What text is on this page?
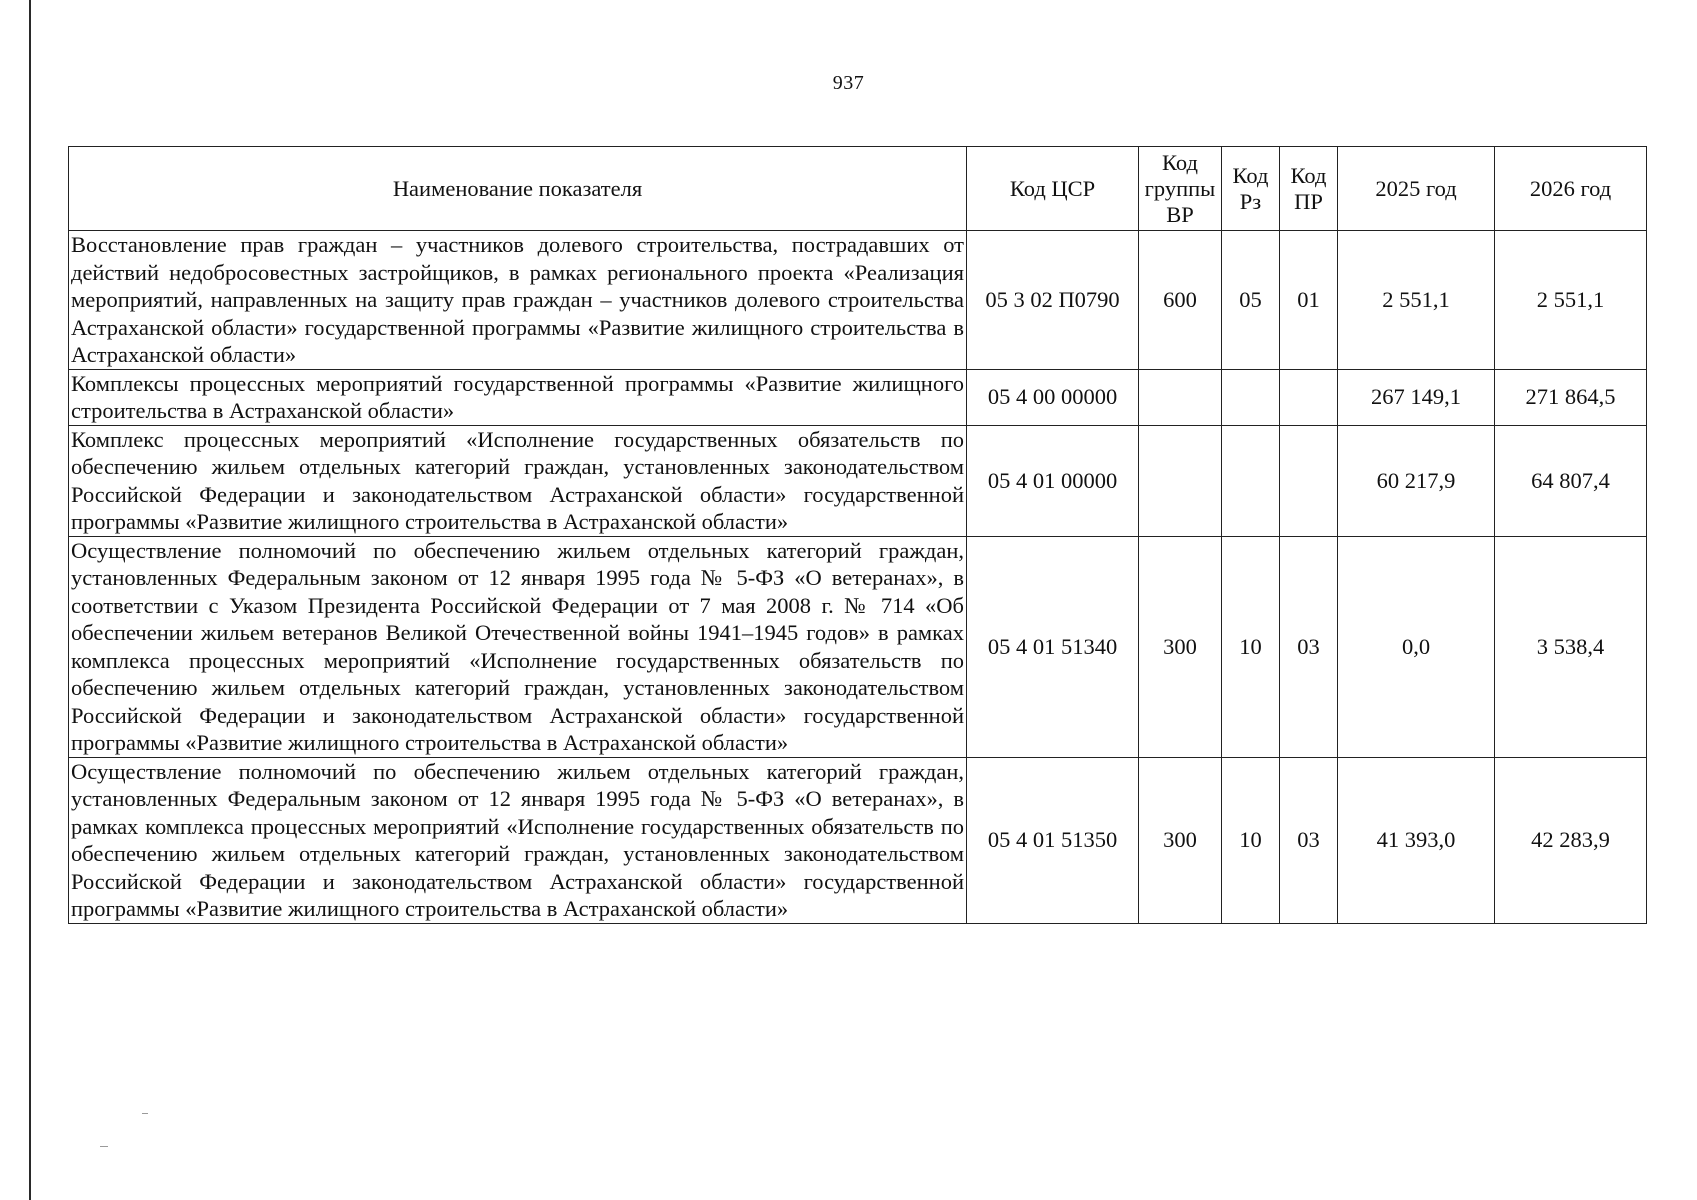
937
Наименование показателя	Код ЦСР	Код группы ВР	Код Рз	Код ПР	2025 год	2026 год
Восстановление прав граждан – участников долевого строительства, пострадавших от действий недобросовестных застройщиков, в рамках регионального проекта «Реализация мероприятий, направленных на защиту прав граждан – участников долевого строительства Астраханской области» государственной программы «Развитие жилищного строительства в Астраханской области»	05 3 02 П0790	600	05	01	2 551,1	2 551,1
Комплексы процессных мероприятий государственной программы «Развитие жилищного строительства в Астраханской области»	05 4 00 00000				267 149,1	271 864,5
Комплекс процессных мероприятий «Исполнение государственных обязательств по обеспечению жильем отдельных категорий граждан, установленных законодательством Российской Федерации и законодательством Астраханской области» государственной программы «Развитие жилищного строительства в Астраханской области»	05 4 01 00000				60 217,9	64 807,4
Осуществление полномочий по обеспечению жильем отдельных категорий граждан, установленных Федеральным законом от 12 января 1995 года № 5-ФЗ «О ветеранах», в соответствии с Указом Президента Российской Федерации от 7 мая 2008 г. № 714 «Об обеспечении жильем ветеранов Великой Отечественной войны 1941–1945 годов» в рамках комплекса процессных мероприятий «Исполнение государственных обязательств по обеспечению жильем отдельных категорий граждан, установленных законодательством Российской Федерации и законодательством Астраханской области» государственной программы «Развитие жилищного строительства в Астраханской области»	05 4 01 51340	300	10	03	0,0	3 538,4
Осуществление полномочий по обеспечению жильем отдельных категорий граждан, установленных Федеральным законом от 12 января 1995 года № 5-ФЗ «О ветеранах», в рамках комплекса процессных мероприятий «Исполнение государственных обязательств по обеспечению жильем отдельных категорий граждан, установленных законодательством Российской Федерации и законодательством Астраханской области» государственной программы «Развитие жилищного строительства в Астраханской области»	05 4 01 51350	300	10	03	41 393,0	42 283,9
